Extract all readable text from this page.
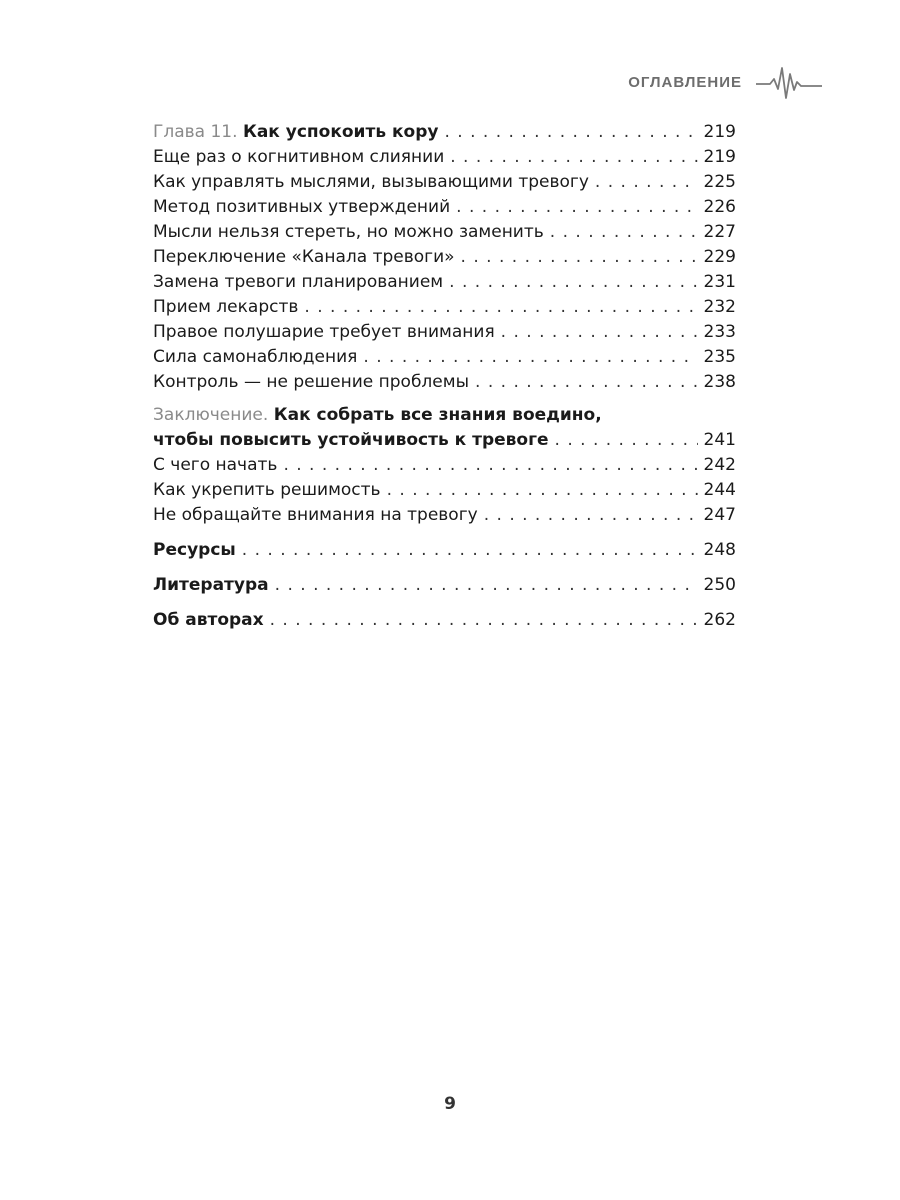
ОГЛАВЛЕНИЕ
Глава 11. Как успокоить кору . . .	219
Еще раз о когнитивном слиянии . . .	219
Как управлять мыслями, вызывающими тревогу . . .	225
Метод позитивных утверждений . . .	226
Мысли нельзя стереть, но можно заменить . . .	227
Переключение «Канала тревоги» . . .	229
Замена тревоги планированием . . .	231
Прием лекарств . . .	232
Правое полушарие требует внимания . . .	233
Сила самонаблюдения . . .	235
Контроль — не решение проблемы . . .	238
Заключение. Как собрать все знания воедино,
чтобы повысить устойчивость к тревоге . . .	241
С чего начать . . .	242
Как укрепить решимость . . .	244
Не обращайте внимания на тревогу . . .	247
Ресурсы . . .	248
Литература . . .	250
Об авторах . . .	262
9
